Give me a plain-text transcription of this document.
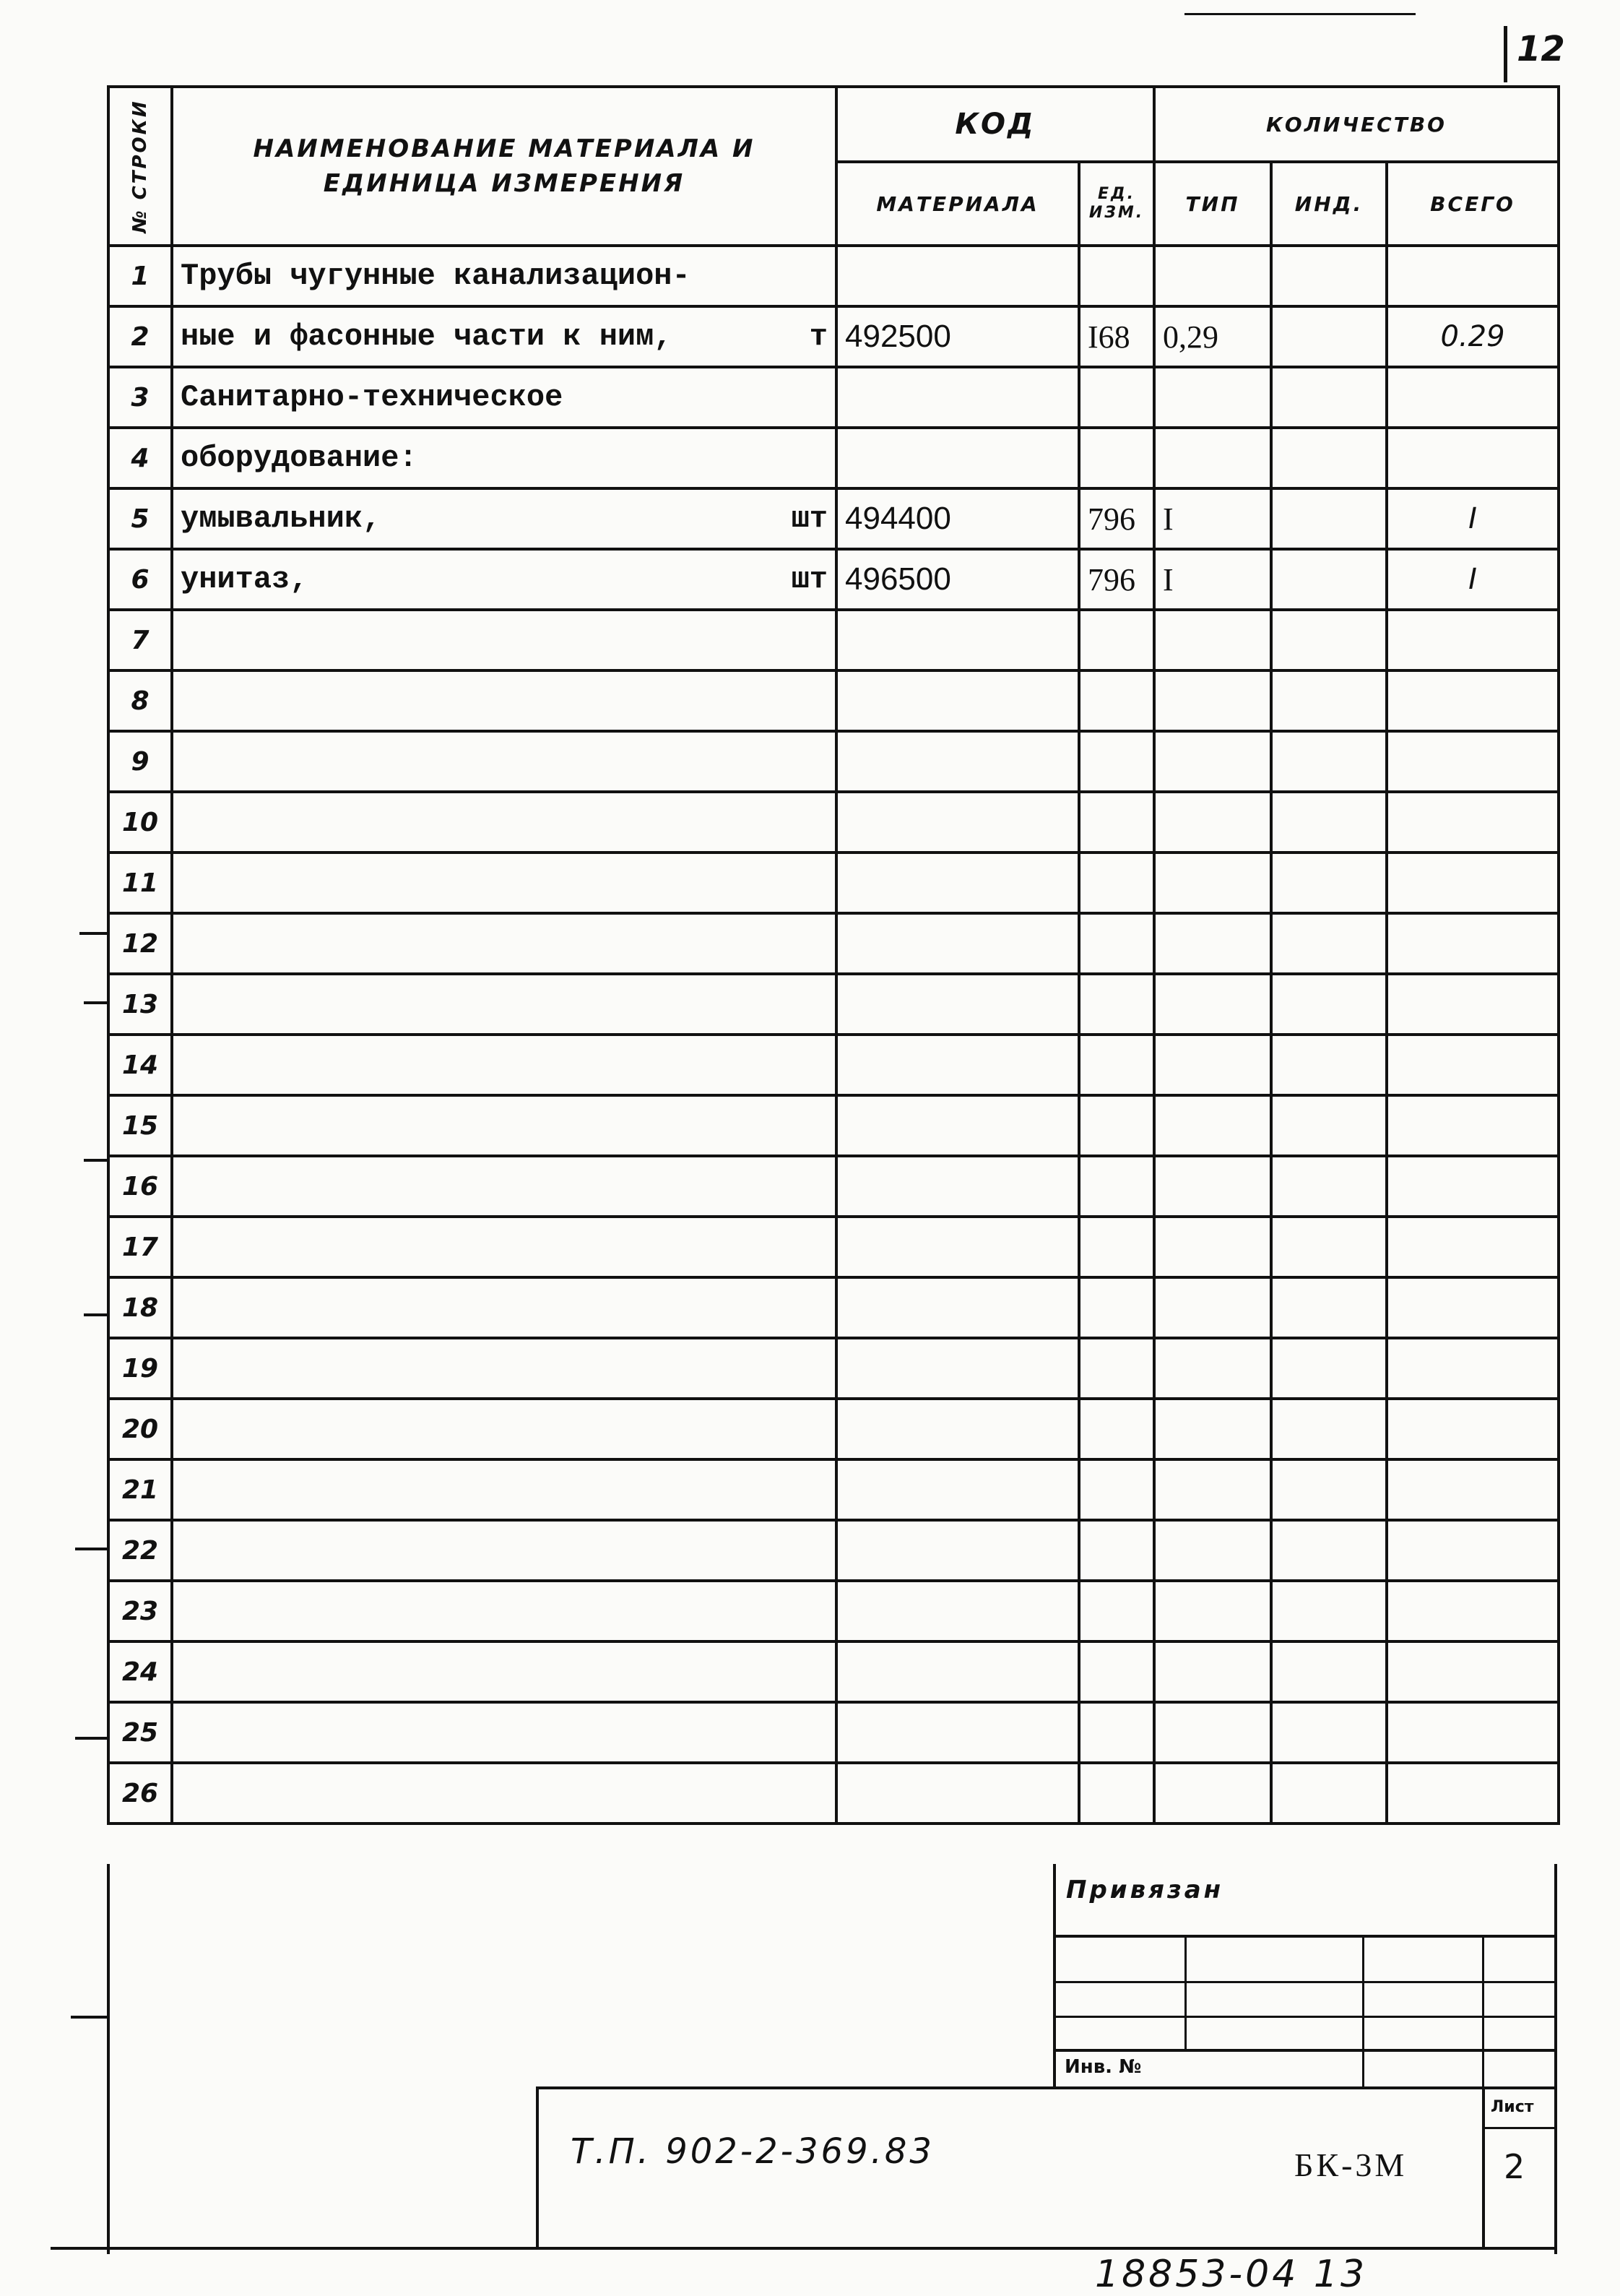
12
№ СТРОКИ	НАИМЕНОВАНИЕ МАТЕРИАЛА И ЕДИНИЦА ИЗМЕРЕНИЯ	КОД		КОЛИЧЕСТВО		
		МАТЕРИАЛА	ЕД. ИЗМ.	ТИП	ИНД.	ВСЕГО
1	Трубы чугунные канализацион-					
2	ные и фасонные части к ним, т	492500	I68	0,29		0.29
3	Санитарно-техническое					
4	оборудование:					
5	умывальник, шт	494400	796	I		I
6	унитаз, шт	496500	796	I		I
7						
8						
9						
10						
11						
12						
13						
14						
15						
16						
17						
18						
19						
20						
21						
22						
23						
24						
25						
26						
Привязан
Инв. №
Т.П. 902-2-369.83	БК-3М
Лист
2
18853-04 13
